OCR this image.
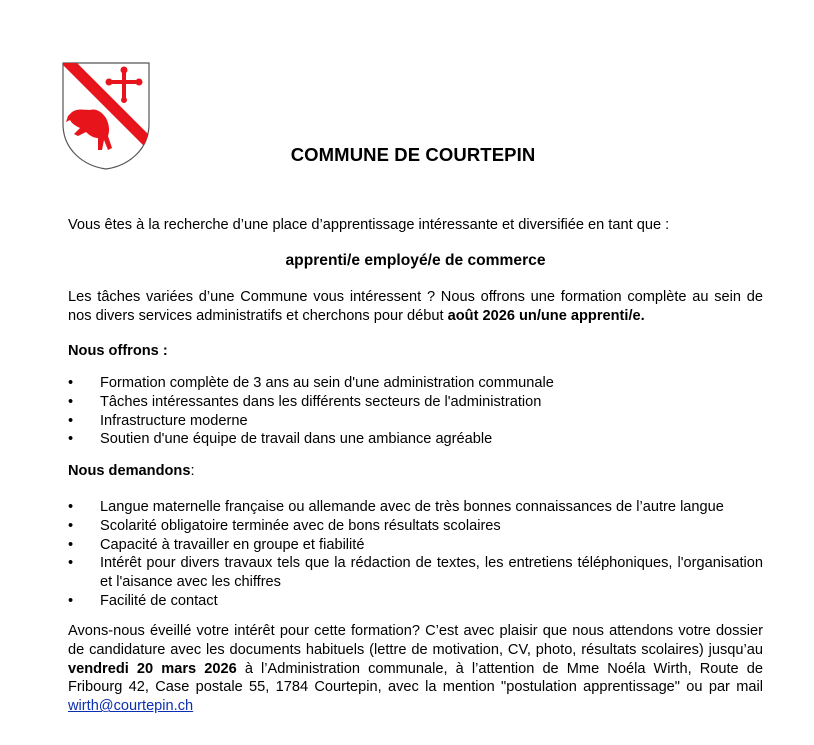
COMMUNE DE COURTEPIN
Vous êtes à la recherche d’une place d’apprentissage intéressante et diversifiée en tant que :
apprenti/e employé/e de commerce
Les tâches variées d’une Commune vous intéressent ? Nous offrons une formation complète au sein de nos divers services administratifs et cherchons pour début août 2026 un/une apprenti/e.
Nous offrons :
• Formation complète de 3 ans au sein d'une administration communale
• Tâches intéressantes dans les différents secteurs de l'administration
• Infrastructure moderne
• Soutien d'une équipe de travail dans une ambiance agréable
Nous demandons:
• Langue maternelle française ou allemande avec de très bonnes connaissances de l’autre langue
• Scolarité obligatoire terminée avec de bons résultats scolaires
• Capacité à travailler en groupe et fiabilité
• Intérêt pour divers travaux tels que la rédaction de textes, les entretiens téléphoniques, l'organisation et l'aisance avec les chiffres
• Facilité de contact
Avons-nous éveillé votre intérêt pour cette formation? C’est avec plaisir que nous attendons votre dossier de candidature avec les documents habituels (lettre de motivation, CV, photo, résultats scolaires) jusqu’au vendredi 20 mars 2026 à l’Administration communale, à l’attention de Mme Noéla Wirth, Route de Fribourg 42, Case postale 55, 1784 Courtepin, avec la mention "postulation apprentissage" ou par mail wirth@courtepin.ch
